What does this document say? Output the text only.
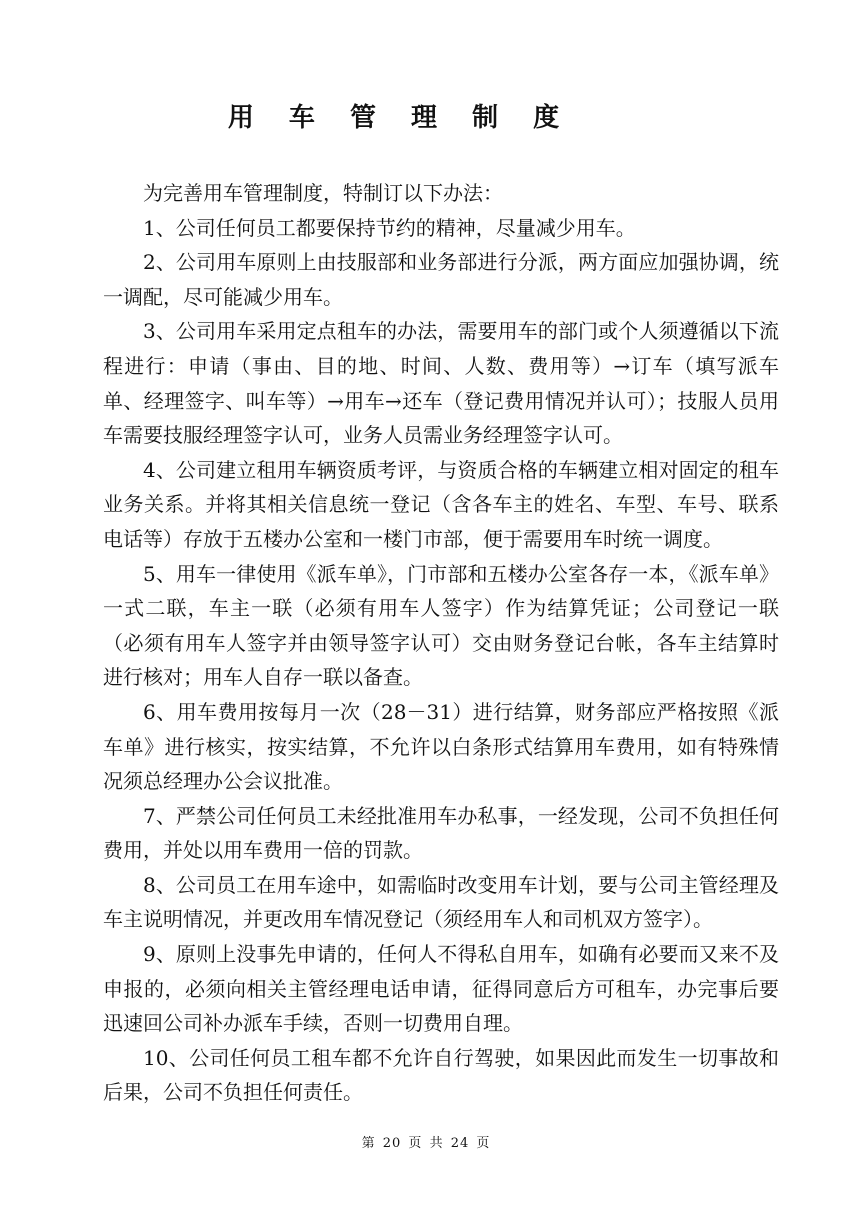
用 车 管 理 制 度

为完善用车管理制度，特制订以下办法：

1、公司任何员工都要保持节约的精神，尽量减少用车。

2、公司用车原则上由技服部和业务部进行分派，两方面应加强协调，统一调配，尽可能减少用车。

3、公司用车采用定点租车的办法，需要用车的部门或个人须遵循以下流程进行：申请（事由、目的地、时间、人数、费用等）→订车（填写派车单、经理签字、叫车等）→用车→还车（登记费用情况并认可）；技服人员用车需要技服经理签字认可，业务人员需业务经理签字认可。

4、公司建立租用车辆资质考评，与资质合格的车辆建立相对固定的租车业务关系。并将其相关信息统一登记（含各车主的姓名、车型、车号、联系电话等）存放于五楼办公室和一楼门市部，便于需要用车时统一调度。

5、用车一律使用《派车单》，门市部和五楼办公室各存一本，《派车单》一式二联，车主一联（必须有用车人签字）作为结算凭证；公司登记一联（必须有用车人签字并由领导签字认可）交由财务登记台帐，各车主结算时进行核对；用车人自存一联以备查。

6、用车费用按每月一次（28－31）进行结算，财务部应严格按照《派车单》进行核实，按实结算，不允许以白条形式结算用车费用，如有特殊情况须总经理办公会议批准。

7、严禁公司任何员工未经批准用车办私事，一经发现，公司不负担任何费用，并处以用车费用一倍的罚款。

8、公司员工在用车途中，如需临时改变用车计划，要与公司主管经理及车主说明情况，并更改用车情况登记（须经用车人和司机双方签字）。

9、原则上没事先申请的，任何人不得私自用车，如确有必要而又来不及申报的，必须向相关主管经理电话申请，征得同意后方可租车，办完事后要迅速回公司补办派车手续，否则一切费用自理。

10、公司任何员工租车都不允许自行驾驶，如果因此而发生一切事故和后果，公司不负担任何责任。

第 20 页 共 24 页
